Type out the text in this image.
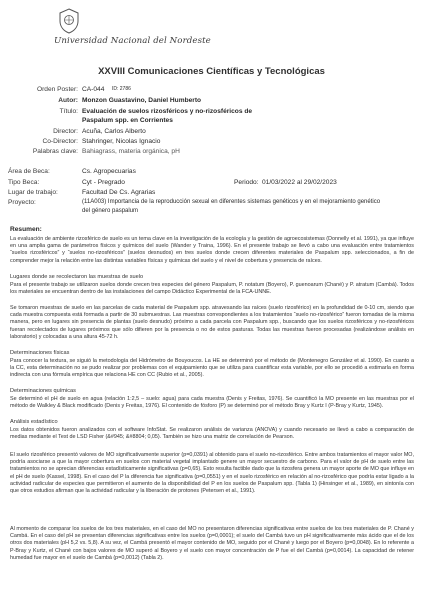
Universidad Nacional del Nordeste
XXVIII Comunicaciones Científicas y Tecnológicas
Orden Poster: CA-044 ID: 2786
Autor: Monzon Guastavino, Daniel Humberto
Título: Evaluación de suelos rizosféricos y no-rizosféricos de
Paspalum spp. en Corrientes
Director: Acuña, Carlos Alberto
Co-Director: Stahringer, Nicolas Ignacio
Palabras clave: Bahiagrass, materia orgánica, pH
Área de Beca:	Cs. Agropecuarias
Tipo Beca:	Cyt - Pregrado	Periodo: 01/03/2022 al 29/02/2023
Lugar de trabajo:	Facultad De Cs. Agrarias
Proyecto:	(11A003) Importancia de la reproducción sexual en diferentes sistemas genéticos y en el mejoramiento genético
del género paspalum
Resumen:
La evaluación de ambiente rizosférico de suelo es un tema clave en la investigación de la ecología y la gestión de agroecosistemas (Donnelly et al. 1991), ya que influye en una amplia gama de parámetros físicos y químicos del suelo (Wander y Traina, 1996). En el presente trabajo se llevó a cabo una evaluación entre tratamientos “suelos rizosféricos” y “suelos no-rizosféricos” (suelos desnudos) en tres suelos donde crecen diferentes materiales de Paspalum spp. seleccionados, a fin de comprender mejor la relación entre las distintas variables físicas y químicas del suelo y el nivel de cobertura y presencia de raíces.
Lugares donde se recolectaron las muestras de suelo
Para el presente trabajo se utilizaron suelos donde crecen tres especies del género Paspalum, P. notatum (Boyero), P. guenoarum (Chané) y P. atratum (Cambá). Todos los materiales se encuentran dentro de las instalaciones del campo Didáctico Experimental de la FCA-UNNE.
Se tomaron muestras de suelo en las parcelas de cada material de Paspalum spp. atravesando las raíces (suelo rizosférico) en la profundidad de 0-10 cm, siendo que cada muestra compuesta está formada a partir de 30 submuestras. Las muestras correspondientes a los tratamientos “suelo no-rizosférico” fueron tomadas de la misma manera, pero en lugares sin presencia de plantas (suelo desnudo) próximo a cada parcela con Paspalum spp., buscando que los suelos rizosféricos y no-rizosféricos fueran recolectados de lugares próximos que sólo difieren por la presencia o no de estos pasturas. Todas las muestras fueron procesadas (realizándose análisis en laboratorio) y colocadas a una altura 45-72 h.
Determinaciones físicas
Para conocer la textura, se siguió la metodología del Hidrómetro de Bouyoucos. La HE se determinó por el método de (Montenegro González et al. 1990). En cuanto a la CC, esta determinación no se pudo realizar por problemas con el equipamiento que se utiliza para cuantificar esta variable, por ello se procedió a estimarla en forma indirecta con una fórmula empírica que relaciona HE con CC (Rubio et al., 2005).
Determinaciones químicas
Se determinó el pH de suelo en agua (relación 1:2,5 – suelo: agua) para cada muestra (Denis y Freitas, 1976). Se cuantificó la MO presente en las muestras por el método de Walkley & Black modificado (Denis y Freitas, 1976). El contenido de fósforo (P) se determinó por el método Bray y Kurtz I (P-Bray y Kurtz, 1945).
Análisis estadístico
Los datos obtenidos fueron analizados con el software InfoStat. Se realizaron análisis de varianza (ANOVA) y cuando necesario se llevó a cabo a comparación de medias mediante el Test de LSD Fisher (&#945; &#8804; 0,05). También se hizo una matriz de correlación de Pearson.
El suelo rizosférico presentó valores de MO significativamente superior (p=0,0391) al obtenido para el suelo no-rizosférico. Entre ambos tratamientos el mayor valor MO, podría asociarse a que la mayor cobertura en suelos con material vegetal implantado genere un mayor secuestro de carbono. Para el valor de pH de suelo entre las tratamientos no se aprecian diferencias estadísticamente significativas (p=0,65). Esto resulta factible dado que la rizosfera genera un mayor aporte de MO que influye en el pH de suelo (Kassel, 1998). En el caso del P la diferencia fue significativa (p=0,0551) y en el suelo rizosférico en relación al no-rizosférico que podría estar ligado a la actividad radicular de especies que permitieron el aumento de la disponibilidad del P en los suelos de Paspalum spp. (Tabla 1) (Hinsinger et al., 1989), en sintonía con que otros estudios afirman que la actividad radicular y la liberación de protones (Petersen et al., 1991).
Al momento de comparar los suelos de los tres materiales, en el caso del MO no presentaron diferencias significativas entre suelos de los tres materiales de P. Chané y Cambá. En el caso del pH se presentan diferencias significativas entre los suelos (p=0,0001); el suelo del Cambá tuvo un pH significativamente más ácido que el de los otros dos materiales (pH 5,2 vs. 5,8). A su vez, el Cambá presentó el mayor contenido de MO, seguido por el Chané y luego por el Boyero (p=0,0048). En lo referente a P-Bray y Kurtz, el Chané con bajos valores de MO superó al Boyero y el suelo con mayor concentración de P fue el del Cambá (p=0,0014). La capacidad de retener humedad fue mayor en el suelo de Cambá (p=0,0012) (Tabla 2).
